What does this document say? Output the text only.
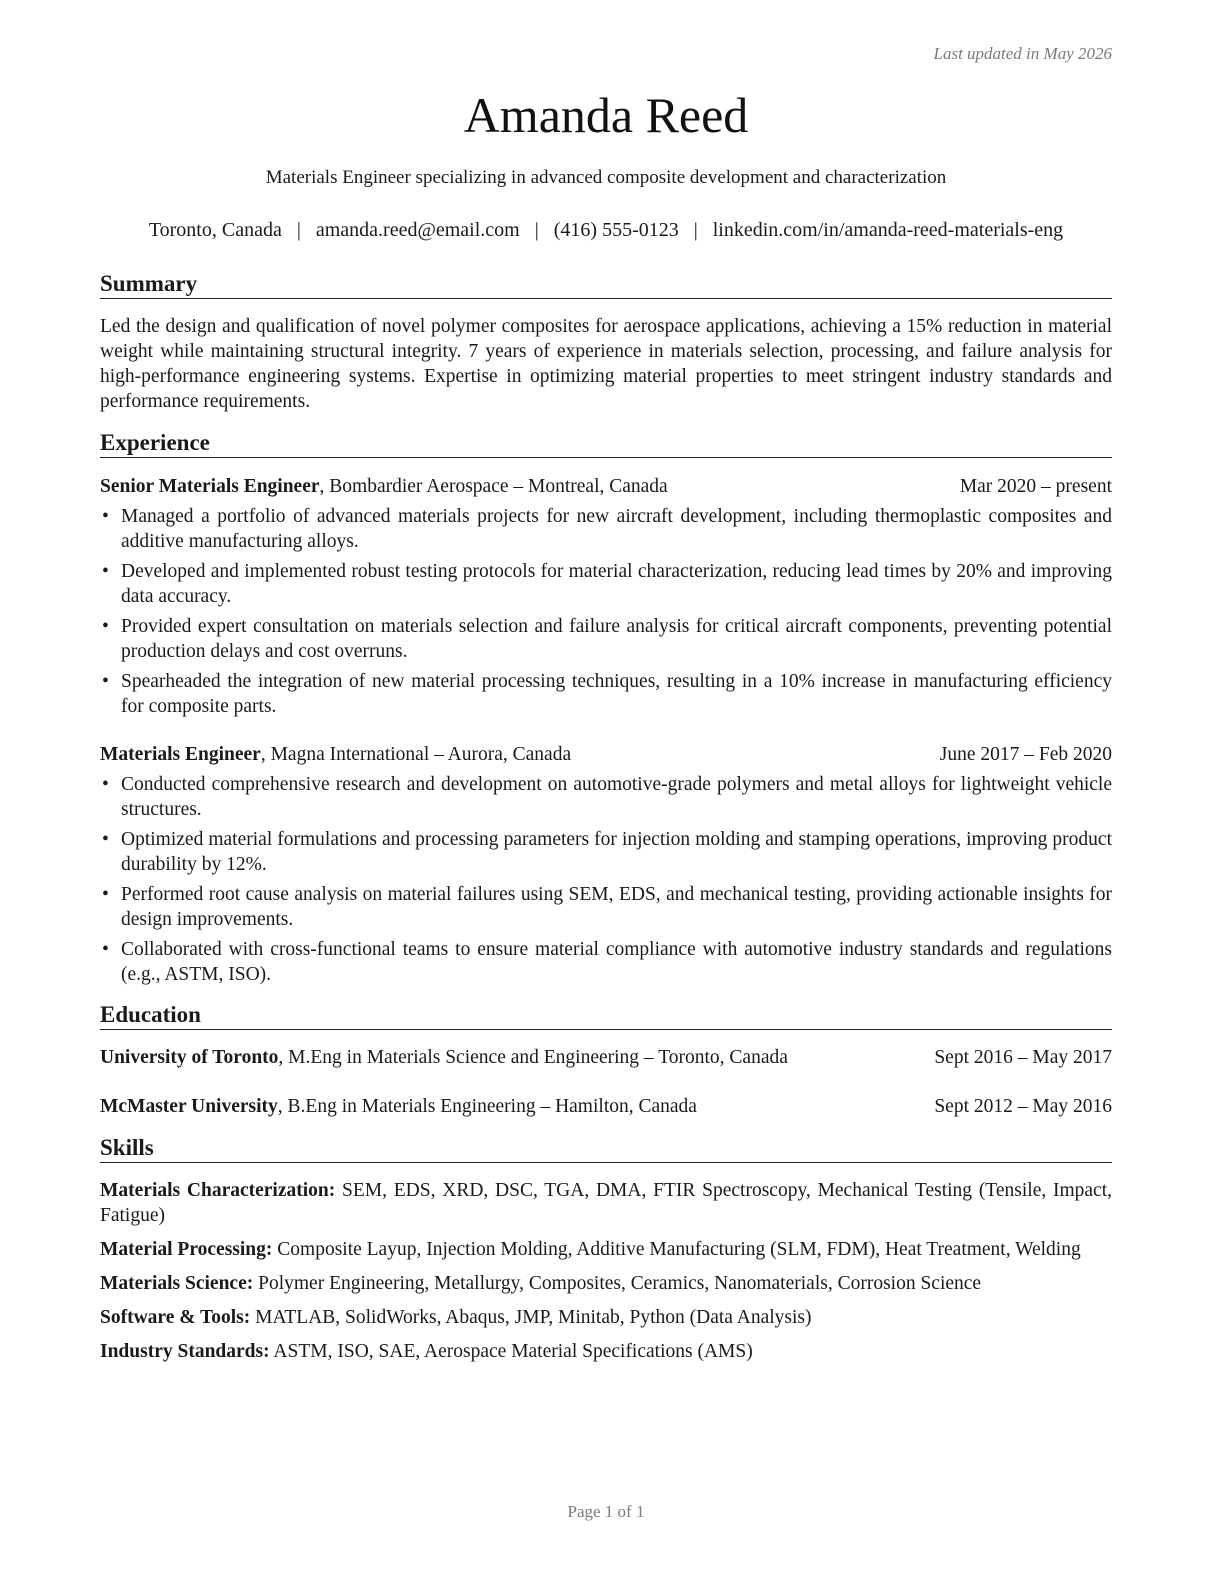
Last updated in May 2026
Amanda Reed
Materials Engineer specializing in advanced composite development and characterization
Toronto, Canada | amanda.reed@email.com | (416) 555-0123 | linkedin.com/in/amanda-reed-materials-eng
Summary
Led the design and qualification of novel polymer composites for aerospace applications, achieving a 15% reduction in material weight while maintaining structural integrity. 7 years of experience in materials selection, processing, and failure analysis for high-performance engineering systems. Expertise in optimizing material properties to meet stringent industry standards and performance requirements.
Experience
Senior Materials Engineer, Bombardier Aerospace – Montreal, Canada	Mar 2020 – present
• Managed a portfolio of advanced materials projects for new aircraft development, including thermoplastic composites and additive manufacturing alloys.
• Developed and implemented robust testing protocols for material characterization, reducing lead times by 20% and improving data accuracy.
• Provided expert consultation on materials selection and failure analysis for critical aircraft components, preventing potential production delays and cost overruns.
• Spearheaded the integration of new material processing techniques, resulting in a 10% increase in manufacturing efficiency for composite parts.
Materials Engineer, Magna International – Aurora, Canada	June 2017 – Feb 2020
• Conducted comprehensive research and development on automotive-grade polymers and metal alloys for lightweight vehicle structures.
• Optimized material formulations and processing parameters for injection molding and stamping operations, improving product durability by 12%.
• Performed root cause analysis on material failures using SEM, EDS, and mechanical testing, providing actionable insights for design improvements.
• Collaborated with cross-functional teams to ensure material compliance with automotive industry standards and regulations (e.g., ASTM, ISO).
Education
University of Toronto, M.Eng in Materials Science and Engineering – Toronto, Canada	Sept 2016 – May 2017
McMaster University, B.Eng in Materials Engineering – Hamilton, Canada	Sept 2012 – May 2016
Skills
Materials Characterization: SEM, EDS, XRD, DSC, TGA, DMA, FTIR Spectroscopy, Mechanical Testing (Tensile, Impact, Fatigue)
Material Processing: Composite Layup, Injection Molding, Additive Manufacturing (SLM, FDM), Heat Treatment, Welding
Materials Science: Polymer Engineering, Metallurgy, Composites, Ceramics, Nanomaterials, Corrosion Science
Software & Tools: MATLAB, SolidWorks, Abaqus, JMP, Minitab, Python (Data Analysis)
Industry Standards: ASTM, ISO, SAE, Aerospace Material Specifications (AMS)
Page 1 of 1
